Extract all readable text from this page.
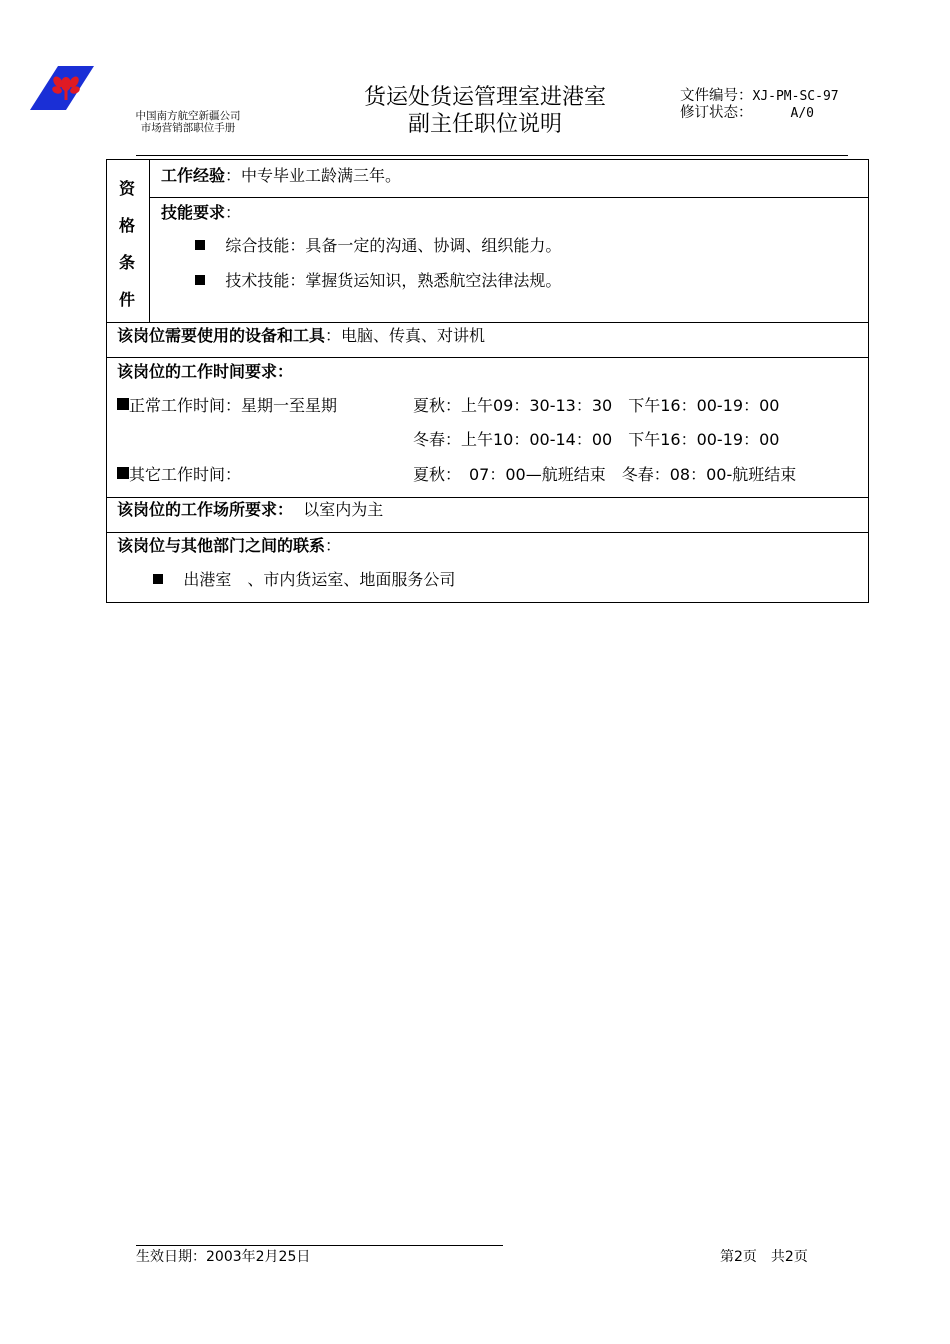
中国南方航空新疆公司
市场营销部职位手册
货运处货运管理室进港室
副主任职位说明
文件编号：XJ-PM-SC-97
修订状态：	A/0
资
格
条
件
工作经验：中专毕业工龄满三年。
技能要求：
综合技能：具备一定的沟通、协调、组织能力。
技术技能：掌握货运知识，熟悉航空法律法规。
该岗位需要使用的设备和工具：电脑、传真、对讲机
该岗位的工作时间要求：
正常工作时间：星期一至星期	夏秋：上午09：30-13：30　下午16：00-19：00
冬春：上午10：00-14：00　下午16：00-19：00
其它工作时间：	夏秋：　07：00—航班结束　冬春：08：00-航班结束
该岗位的工作场所要求： 以室内为主
该岗位与其他部门之间的联系：
出港室　、市内货运室、地面服务公司
生效日期：2003年2月25日	第2页　共2页
